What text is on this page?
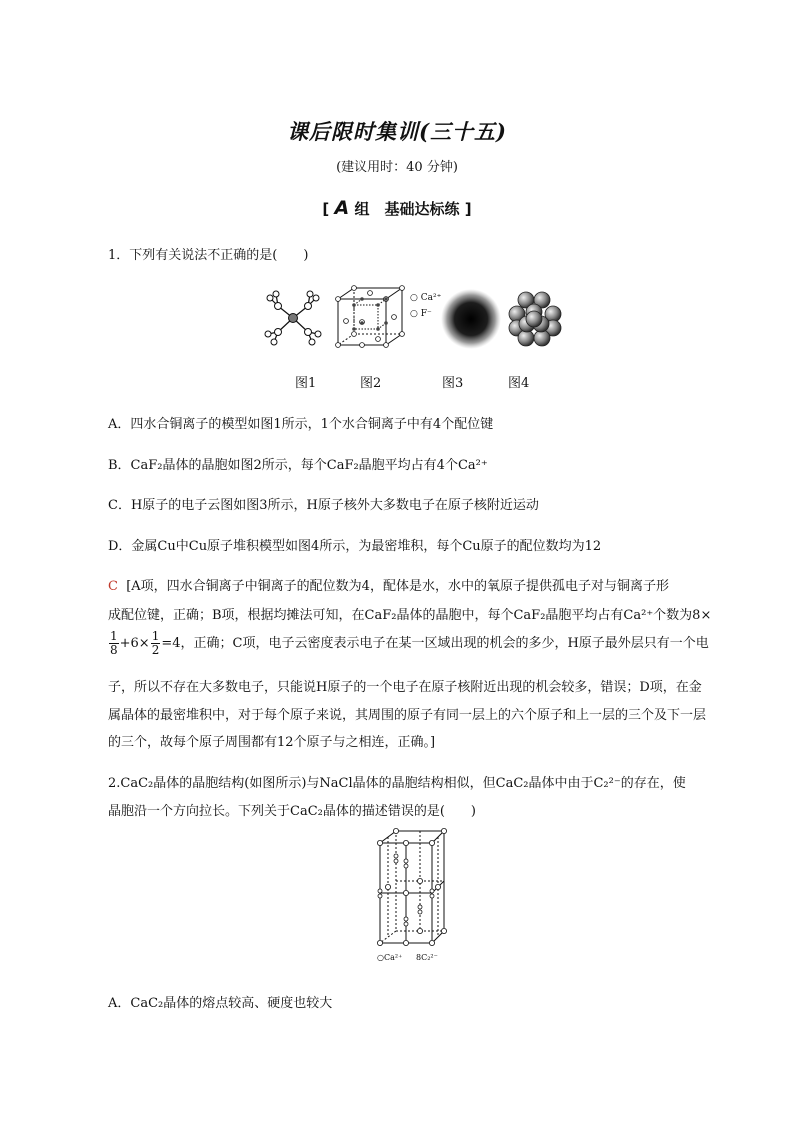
课后限时集训(三十五)
(建议用时：40 分钟)
[ A 组　基础达标练 ]
1．下列有关说法不正确的是(　　)
○ Ca²⁺
○ F⁻
图1	图2	图3	图4
A．四水合铜离子的模型如图1所示，1个水合铜离子中有4个配位键
B．CaF₂晶体的晶胞如图2所示，每个CaF₂晶胞平均占有4个Ca²⁺
C．H原子的电子云图如图3所示，H原子核外大多数电子在原子核附近运动
D．金属Cu中Cu原子堆积模型如图4所示，为最密堆积，每个Cu原子的配位数均为12
C [A项，四水合铜离子中铜离子的配位数为4，配体是水，水中的氧原子提供孤电子对与铜离子形
成配位键，正确；B项，根据均摊法可知，在CaF₂晶体的晶胞中，每个CaF₂晶胞平均占有Ca²⁺个数为8×
$\frac{1}{8} +6\times \frac{1}{2} =4$，正确；C项，电子云密度表示电子在某一区域出现的机会的多少，H原子最外层只有一个电
子，所以不存在大多数电子，只能说H原子的一个电子在原子核附近出现的机会较多，错误；D项，在金
属晶体的最密堆积中，对于每个原子来说，其周围的原子有同一层上的六个原子和上一层的三个及下一层
的三个，故每个原子周围都有12个原子与之相连，正确。]
2.CaC₂晶体的晶胞结构(如图所示)与NaCl晶体的晶胞结构相似，但CaC₂晶体中由于C₂²⁻的存在，使
晶胞沿一个方向拉长。下列关于CaC₂晶体的描述错误的是(　　)
○Ca²⁺ 8C₂²⁻
A．CaC₂晶体的熔点较高、硬度也较大
